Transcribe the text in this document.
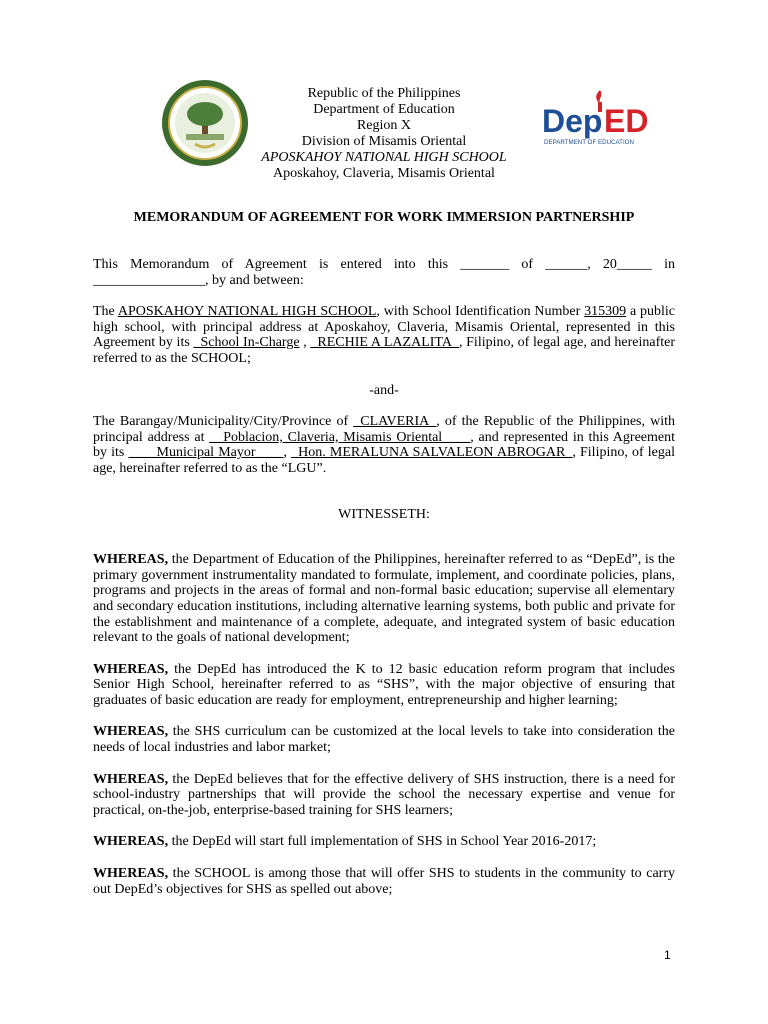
Republic of the Philippines
Department of Education
Region X
Division of Misamis Oriental
APOSKAHOY NATIONAL HIGH SCHOOL
Aposkahoy, Claveria, Misamis Oriental
Dep ED
DEPARTMENT OF EDUCATION
MEMORANDUM OF AGREEMENT FOR WORK IMMERSION PARTNERSHIP

This Memorandum of Agreement is entered into this _______ of ______, 20_____ in ________________, by and between:

The APOSKAHOY NATIONAL HIGH SCHOOL, with School Identification Number 315309 a public high school, with principal address at Aposkahoy, Claveria, Misamis Oriental, represented in this Agreement by its _School In-Charge , _RECHIE A LAZALITA_, Filipino, of legal age, and hereinafter referred to as the SCHOOL;

-and-

The Barangay/Municipality/City/Province of _CLAVERIA_, of the Republic of the Philippines, with principal address at __Poblacion, Claveria, Misamis Oriental____, and represented in this Agreement by its ____Municipal Mayor____, _Hon. MERALUNA SALVALEON ABROGAR_, Filipino, of legal age, hereinafter referred to as the “LGU”.

WITNESSETH:

WHEREAS, the Department of Education of the Philippines, hereinafter referred to as “DepEd”, is the primary government instrumentality mandated to formulate, implement, and coordinate policies, plans, programs and projects in the areas of formal and non-formal basic education; supervise all elementary and secondary education institutions, including alternative learning systems, both public and private for the establishment and maintenance of a complete, adequate, and integrated system of basic education relevant to the goals of national development;

WHEREAS, the DepEd has introduced the K to 12 basic education reform program that includes Senior High School, hereinafter referred to as “SHS”, with the major objective of ensuring that graduates of basic education are ready for employment, entrepreneurship and higher learning;

WHEREAS, the SHS curriculum can be customized at the local levels to take into consideration the needs of local industries and labor market;

WHEREAS, the DepEd believes that for the effective delivery of SHS instruction, there is a need for school-industry partnerships that will provide the school the necessary expertise and venue for practical, on-the-job, enterprise-based training for SHS learners;

WHEREAS, the DepEd will start full implementation of SHS in School Year 2016-2017;

WHEREAS, the SCHOOL is among those that will offer SHS to students in the community to carry out DepEd’s objectives for SHS as spelled out above;

1
